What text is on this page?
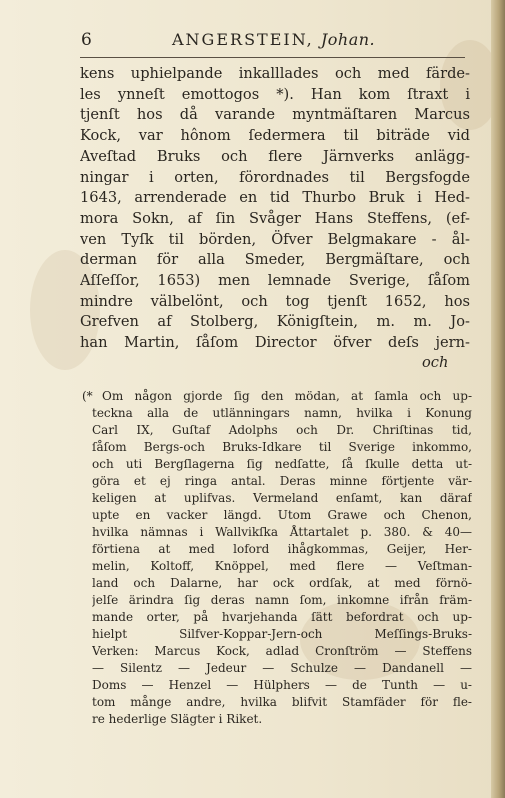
6	ANGERSTEIN, Johan.
kens uphielpande inkalllades och med färde-
les ynneſt emottogos *). Han kom ſtraxt i
tjenſt hos då varande myntmäſtaren Marcus
Kock, var hônom ſedermera til biträde vid
Aveſtad Bruks och flere Järnverks anlägg-
ningar i orten, förordnades til Bergsfogde
1643, arrenderade en tid Thurbo Bruk i Hed-
mora Sokn, af ſin Svåger Hans Steffens, (ef-
ven Tyſk til börden, Öfver Belgmakare - ål-
derman för alla Smeder, Bergmäſtare, och
Aſſeſſor, 1653) men lemnade Sverige, ſåſom
mindre välbelönt, och tog tjenſt 1652, hos
Grefven af Stolberg, Königſtein, m. m. Jo-
han Martin, ſåſom Director öfver deſs jern-
och
(* Om någon gjorde ſig den mödan, at ſamla och up-
teckna alla de utlänningars namn, hvilka i Konung
Carl IX, Guſtaf Adolphs och Dr. Chriſtinas tid,
ſåſom Bergs-och Bruks-Idkare til Sverige inkommo,
och uti Bergſlagerna ſig nedſatte, ſå ſkulle detta ut-
göra et ej ringa antal. Deras minne förtjente vär-
keligen at uplifvas. Vermeland enſamt, kan däraf
upte en vacker längd. Utom Grawe och Chenon,
hvilka nämnas i Wallvikſka Åttartalet p. 380. & 40—
förtiena at med loford ihågkommas, Geijer, Her-
melin, Koltoff, Knöppel, med flere — Veſtman-
land och Dalarne, har ock ordſak, at med förnö-
jelſe ärindra ſig deras namn ſom, inkomne ifrån främ-
mande orter, på hvarjehanda ſätt befordrat och up-
hielpt Silfver-Koppar-Jern-och Meſſings-Bruks-
Verken: Marcus Kock, adlad Cronſtröm — Steffens
— Silentz — Jedeur — Schulze — Dandanell —
Doms — Henzel — Hülphers — de Tunth — u-
tom månge andre, hvilka blifvit Stamfäder för fle-
re hederlige Slägter i Riket.
